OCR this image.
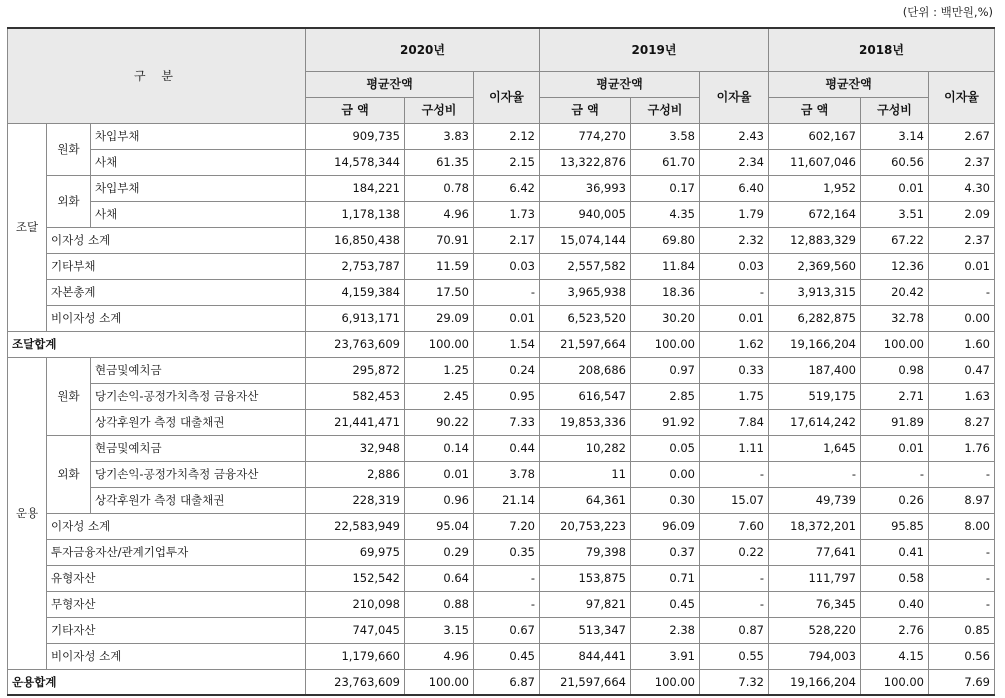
(단위 : 백만원,%)
구 분			2020년			2019년			2018년		
			평균잔액		이자율	평균잔액		이자율	평균잔액		이자율
			금 액	구성비		금 액	구성비		금 액	구성비	
조달	원화	차입부채	909,735	3.83	2.12	774,270	3.58	2.43	602,167	3.14	2.67
		사채	14,578,344	61.35	2.15	13,322,876	61.70	2.34	11,607,046	60.56	2.37
	외화	차입부채	184,221	0.78	6.42	36,993	0.17	6.40	1,952	0.01	4.30
		사채	1,178,138	4.96	1.73	940,005	4.35	1.79	672,164	3.51	2.09
	이자성 소계		16,850,438	70.91	2.17	15,074,144	69.80	2.32	12,883,329	67.22	2.37
	기타부채		2,753,787	11.59	0.03	2,557,582	11.84	0.03	2,369,560	12.36	0.01
	자본총계		4,159,384	17.50	-	3,965,938	18.36	-	3,913,315	20.42	-
	비이자성 소계		6,913,171	29.09	0.01	6,523,520	30.20	0.01	6,282,875	32.78	0.00
조달합계			23,763,609	100.00	1.54	21,597,664	100.00	1.62	19,166,204	100.00	1.60
운용	원화	현금및예치금	295,872	1.25	0.24	208,686	0.97	0.33	187,400	0.98	0.47
		당기손익-공정가치측정 금융자산	582,453	2.45	0.95	616,547	2.85	1.75	519,175	2.71	1.63
		상각후원가 측정 대출채권	21,441,471	90.22	7.33	19,853,336	91.92	7.84	17,614,242	91.89	8.27
	외화	현금및예치금	32,948	0.14	0.44	10,282	0.05	1.11	1,645	0.01	1.76
		당기손익-공정가치측정 금융자산	2,886	0.01	3.78	11	0.00	-	-	-	-
		상각후원가 측정 대출채권	228,319	0.96	21.14	64,361	0.30	15.07	49,739	0.26	8.97
	이자성 소계		22,583,949	95.04	7.20	20,753,223	96.09	7.60	18,372,201	95.85	8.00
	투자금융자산/관계기업투자		69,975	0.29	0.35	79,398	0.37	0.22	77,641	0.41	-
	유형자산		152,542	0.64	-	153,875	0.71	-	111,797	0.58	-
	무형자산		210,098	0.88	-	97,821	0.45	-	76,345	0.40	-
	기타자산		747,045	3.15	0.67	513,347	2.38	0.87	528,220	2.76	0.85
	비이자성 소계		1,179,660	4.96	0.45	844,441	3.91	0.55	794,003	4.15	0.56
운용합계			23,763,609	100.00	6.87	21,597,664	100.00	7.32	19,166,204	100.00	7.69
